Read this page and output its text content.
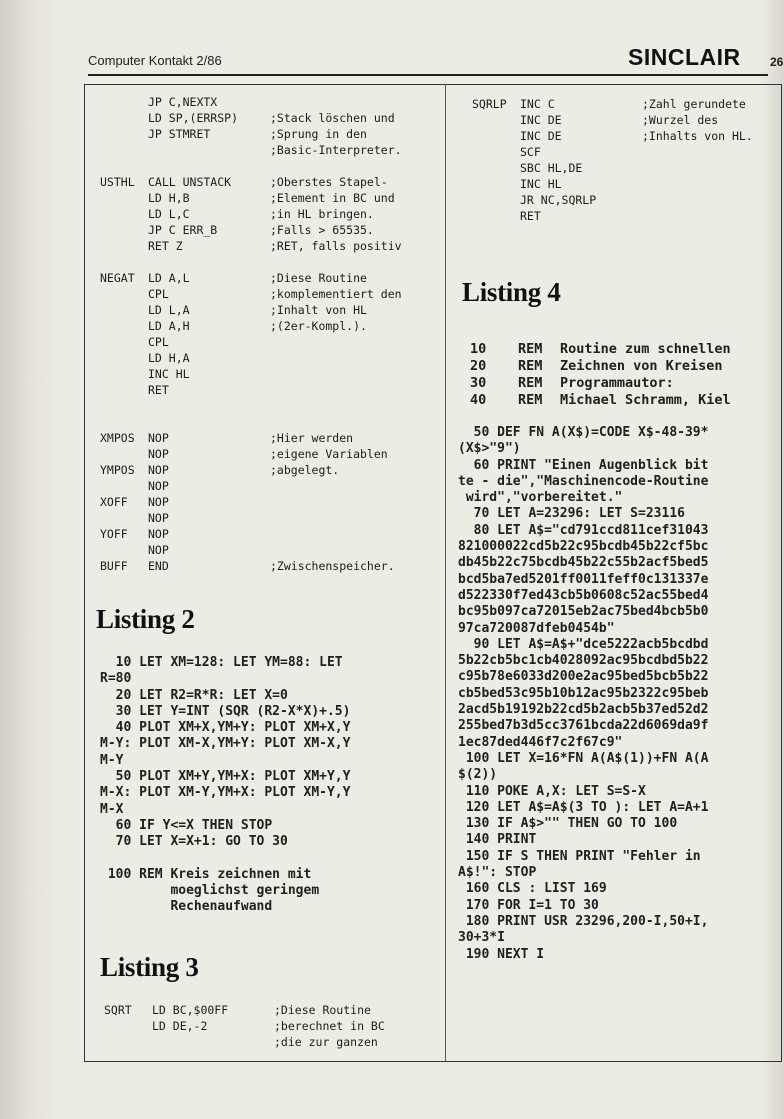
Computer Kontakt 2/86	SINCLAIR 26
JP C,NEXTX
LD SP,(ERRSP)	;Stack löschen und
JP STMRET	;Sprung in den
;Basic-Interpreter.
USTHL	CALL UNSTACK	;Oberstes Stapel-
LD H,B	;Element in BC und
LD L,C	;in HL bringen.
JP C ERR_B	;Falls > 65535.
RET Z	;RET, falls positiv
NEGAT	LD A,L	;Diese Routine
CPL	;komplementiert den
LD L,A	;Inhalt von HL
LD A,H	;(2er-Kompl.).
CPL
LD H,A
INC HL
RET
XMPOS	NOP	;Hier werden
NOP	;eigene Variablen
YMPOS	NOP	;abgelegt.
NOP
XOFF	NOP
NOP
YOFF	NOP
NOP
BUFF	END	;Zwischenspeicher.
Listing 2
10 LET XM=128: LET YM=88: LET
R=80
20 LET R2=R*R: LET X=0
30 LET Y=INT (SQR (R2-X*X)+.5)
40 PLOT XM+X,YM+Y: PLOT XM+X,Y
M-Y: PLOT XM-X,YM+Y: PLOT XM-X,Y
M-Y
50 PLOT XM+Y,YM+X: PLOT XM+Y,Y
M-X: PLOT XM-Y,YM+X: PLOT XM-Y,Y
M-X
60 IF Y<=X THEN STOP
70 LET X=X+1: GO TO 30
100 REM Kreis zeichnen mit
moeglichst geringem
Rechenaufwand
Listing 3
SQRT	LD BC,$00FF	;Diese Routine
LD DE,-2	;berechnet in BC
;die zur ganzen
SQRLP	INC C	;Zahl gerundete
INC DE	;Wurzel des
INC DE	;Inhalts von HL.
SCF
SBC HL,DE
INC HL
JR NC,SQRLP
RET
Listing 4
10	REM	Routine zum schnellen
20	REM	Zeichnen von Kreisen
30	REM	Programmautor:
40	REM	Michael Schramm, Kiel
50 DEF FN A(X$)=CODE X$-48-39*
(X$>"9")
60 PRINT "Einen Augenblick bit
te - die","Maschinencode-Routine
wird","vorbereitet."
70 LET A=23296: LET S=23116
80 LET A$="cd791ccd811cef31043
821000022cd5b22c95bcdb45b22cf5bc
db45b22c75bcdb45b22c55b2acf5bed5
bcd5ba7ed5201ff0011feff0c131337e
d522330f7ed43cb5b0608c52ac55bed4
bc95b097ca72015eb2ac75bed4bcb5b0
97ca720087dfeb0454b"
90 LET A$=A$+"dce5222acb5bcdbd
5b22cb5bc1cb4028092ac95bcdbd5b22
c95b78e6033d200e2ac95bed5bcb5b22
cb5bed53c95b10b12ac95b2322c95beb
2acd5b19192b22cd5b2acb5b37ed52d2
255bed7b3d5cc3761bcda22d6069da9f
1ec87ded446f7c2f67c9"
100 LET X=16*FN A(A$(1))+FN A(A
$(2))
110 POKE A,X: LET S=S-X
120 LET A$=A$(3 TO ): LET A=A+1
130 IF A$>"" THEN GO TO 100
140 PRINT
150 IF S THEN PRINT "Fehler in
A$!": STOP
160 CLS : LIST 169
170 FOR I=1 TO 30
180 PRINT USR 23296,200-I,50+I,
30+3*I
190 NEXT I
